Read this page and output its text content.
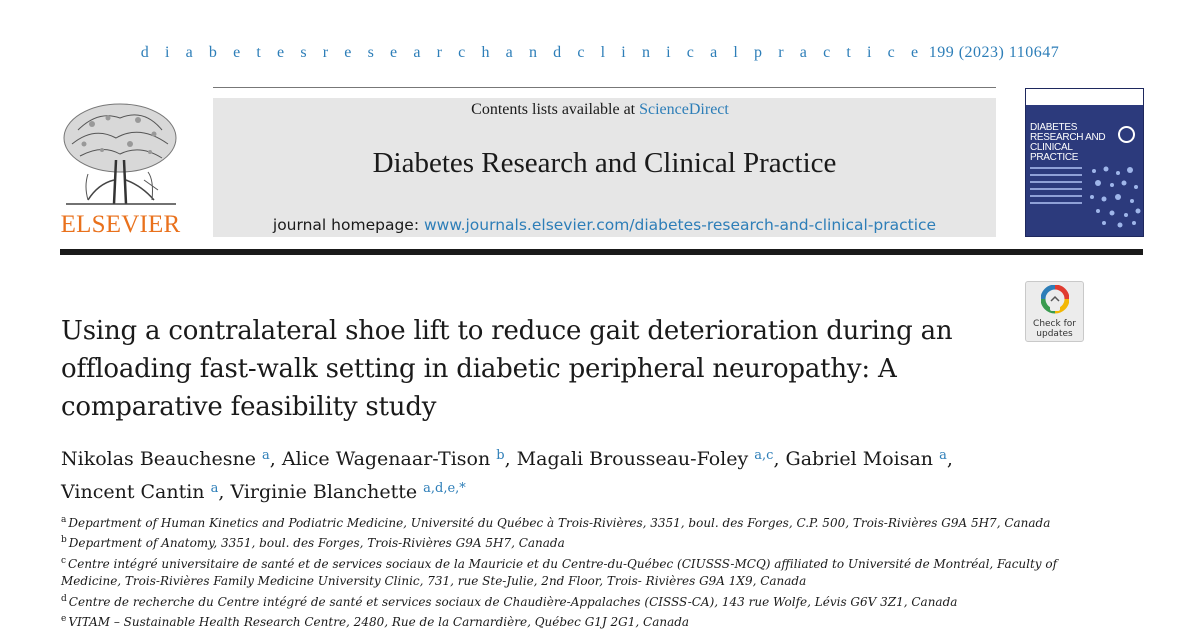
d i a b e t e s r e s e a r c h a n d c l i n i c a l p r a c t i c e 199 (2023) 110647
ELSEVIER
Contents lists available at ScienceDirect
Diabetes Research and Clinical Practice
journal homepage: www.journals.elsevier.com/diabetes-research-and-clinical-practice
DIABETES RESEARCH AND CLINICAL PRACTICE
Check for
updates
Using a contralateral shoe lift to reduce gait deterioration during an
offloading fast-walk setting in diabetic peripheral neuropathy: A
comparative feasibility study
Nikolas Beauchesne $^a$, Alice Wagenaar-Tison $^b$, Magali Brousseau-Foley $^{a,c}$, Gabriel Moisan $^a$,
Vincent Cantin $^a$, Virginie Blanchette $^{a,d,e,*}$
$^a$ Department of Human Kinetics and Podiatric Medicine, Université du Québec à Trois-Rivières, 3351, boul. des Forges, C.P. 500, Trois-Rivières G9A 5H7, Canada
$^b$ Department of Anatomy, 3351, boul. des Forges, Trois-Rivières G9A 5H7, Canada
$^c$ Centre intégré universitaire de santé et de services sociaux de la Mauricie et du Centre-du-Québec (CIUSSS-MCQ) affiliated to Université de Montréal, Faculty of
Medicine, Trois-Rivières Family Medicine University Clinic, 731, rue Ste-Julie, 2nd Floor, Trois- Rivières G9A 1X9, Canada
$^d$ Centre de recherche du Centre intégré de santé et services sociaux de Chaudière-Appalaches (CISSS-CA), 143 rue Wolfe, Lévis G6V 3Z1, Canada
$^e$ VITAM – Sustainable Health Research Centre, 2480, Rue de la Carnardière, Québec G1J 2G1, Canada
